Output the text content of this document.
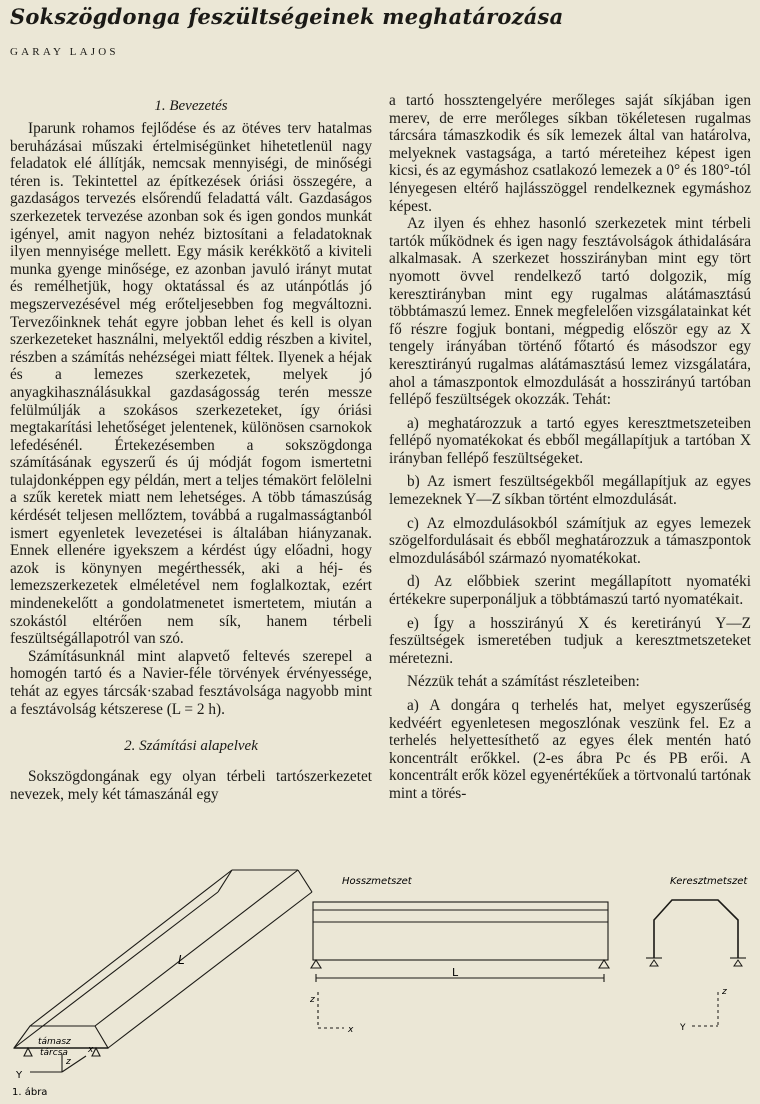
Sokszögdonga feszültségeinek meghatározása
GARAY LAJOS
1. Bevezetés

Iparunk rohamos fejlődése és az ötéves terv hatalmas beruházásai műszaki értelmiségünket hihetetlenül nagy feladatok elé állítják, nemcsak mennyiségi, de minőségi téren is. Tekintettel az építkezések óriási összegére, a gazdaságos tervezés elsőrendű feladattá vált. Gazdaságos szerkezetek tervezése azonban sok és igen gondos munkát igényel, amit nagyon nehéz biztosítani a feladatoknak ilyen mennyisége mellett. Egy másik kerékkötő a kiviteli munka gyenge minősége, ez azonban javuló irányt mutat és remélhetjük, hogy oktatással és az utánpótlás jó megszervezésével még erőteljesebben fog megváltozni. Tervezőinknek tehát egyre jobban lehet és kell is olyan szerkezeteket használni, melyektől eddig részben a kivitel, részben a számítás nehézségei miatt féltek. Ilyenek a héjak és a lemezes szerkezetek, melyek jó anyagkihasználásukkal gazdaságosság terén messze felülmúlják a szokásos szerkezeteket, így óriási megtakarítási lehetőséget jelentenek, különösen csarnokok lefedésénél. Értekezésemben a sokszögdonga számításának egyszerű és új módját fogom ismertetni tulajdonképpen egy példán, mert a teljes témakört felölelni a szűk keretek miatt nem lehetséges. A több támaszúság kérdését teljesen mellőztem, továbbá a rugalmasságtanból ismert egyenletek levezetései is általában hiányzanak. Ennek ellenére igyekszem a kérdést úgy előadni, hogy azok is könynyen megérthessék, aki a héj- és lemezszerkezetek elméletével nem foglalkoztak, ezért mindenekelőtt a gondolatmenetet ismertetem, miután a szokástól eltérően nem sík, hanem térbeli feszültségállapotról van szó.

Számításunknál mint alapvető feltevés szerepel a homogén tartó és a Navier-féle törvények érvényessége, tehát az egyes tárcsák·szabad fesztávolsága nagyobb mint a fesztávolság kétszerese (L = 2 h).

2. Számítási alapelvek

Sokszögdongának egy olyan térbeli tartószerkezetet nevezek, mely két támaszánál egy

a tartó hossztengelyére merőleges saját síkjában igen merev, de erre merőleges síkban tökéletesen rugalmas tárcsára támaszkodik és sík lemezek által van határolva, melyeknek vastagsága, a tartó méreteihez képest igen kicsi, és az egymáshoz csatlakozó lemezek a 0° és 180°-tól lényegesen eltérő hajlásszöggel rendelkeznek egymáshoz képest.

Az ilyen és ehhez hasonló szerkezetek mint térbeli tartók működnek és igen nagy fesztávolságok áthidalására alkalmasak. A szerkezet hosszirányban mint egy tört nyomott övvel rendelkező tartó dolgozik, míg keresztirányban mint egy rugalmas alátámasztású többtámaszú lemez. Ennek megfelelően vizsgálatainkat két fő részre fogjuk bontani, mégpedig először egy az X tengely irányában történő főtartó és másodszor egy keresztirányú rugalmas alátámasztású lemez vizsgálatára, ahol a támaszpontok elmozdulását a hosszirányú tartóban fellépő feszültségek okozzák. Tehát:

a) meghatározzuk a tartó egyes keresztmetszeteiben fellépő nyomatékokat és ebből megállapítjuk a tartóban X irányban fellépő feszültségeket.

b) Az ismert feszültségekből megállapítjuk az egyes lemezeknek Y—Z síkban történt elmozdulását.

c) Az elmozdulásokból számítjuk az egyes lemezek szögelfordulásait és ebből meghatározzuk a támaszpontok elmozdulásából származó nyomatékokat.

d) Az előbbiek szerint megállapított nyomatéki értékekre superponáljuk a többtámaszú tartó nyomatékait.

e) Így a hosszirányú X és keretirányú Y—Z feszültségek ismeretében tudjuk a keresztmetszeteket méretezni.

Nézzük tehát a számítást részleteiben:

a) A dongára q terhelés hat, melyet egyszerűség kedvéért egyenletesen megoszlónak veszünk fel. Ez a terhelés helyettesíthető az egyes élek mentén ható koncentrált erőkkel. (2-es ábra Pc és PB erői. A koncentrált erők közel egyenértékűek a törtvonalú tartónak mint a törés-

támasz
tárcsa
Y
z
x
L
1. ábra
Hosszmetszet
L
z
x
Keresztmetszet
z
Y
